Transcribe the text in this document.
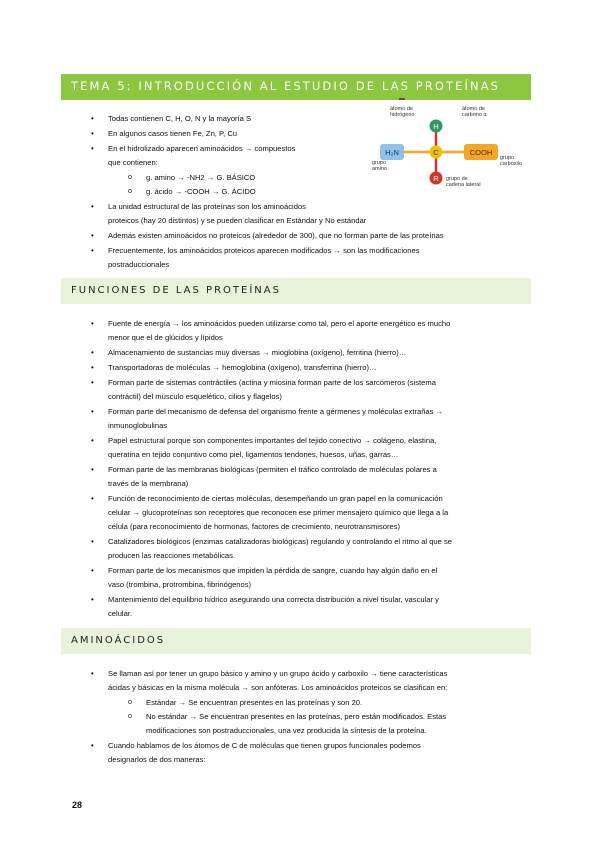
TEMA 5: INTRODUCCIÓN AL ESTUDIO DE LAS PROTEÍNAS
• Todas contienen C, H, O, N y la mayoría S
• En algunos casos tienen Fe, Zn, P, Cu
• En el hidrolizado aparecen aminoácidos → compuestos
que contienen:
o g. amino → -NH2 → G. BÁSICO
o g. ácido → -COOH → G. ÁCIDO
• La unidad estructural de las proteínas son los aminoácidos
proteicos (hay 20 distintos) y se pueden clasificar en Estándar y No estándar
• Además existen aminoácidos no proteicos (alrededor de 300), que no forman parte de las proteínas
• Frecuentemente, los aminoácidos proteicos aparecen modificados → son las modificaciones
postraduccionales
H₂N	COOH
H
C
R
átomo de
hidrógeno
átomo de
carbono α
grupo
amino
grupo
carboxilo
grupo de
cadena lateral
FUNCIONES DE LAS PROTEÍNAS
• Fuente de energía → los aminoácidos pueden utilizarse como tal, pero el aporte energético es mucho
menor que el de glúcidos y lípidos
• Almacenamiento de sustancias muy diversas → mioglobina (oxígeno), ferritina (hierro)…
• Transportadoras de moléculas → hemoglobina (oxígeno), transferrina (hierro)…
• Forman parte de sistemas contráctiles (actina y miosina forman parte de los sarcómeros (sistema
contráctil) del músculo esquelético, cilios y flagelos)
• Forman parte del mecanismo de defensa del organismo frente a gérmenes y moléculas extrañas →
inmunoglobulinas
• Papel estructural porque son componentes importantes del tejido conectivo → colágeno, elastina,
queratina en tejido conjuntivo como piel, ligamentos tendones, huesos, uñas, garras…
• Forman parte de las membranas biológicas (permiten el tráfico controlado de moléculas polares a
través de la membrana)
• Función de reconocimiento de ciertas moléculas, desempeñando un gran papel en la comunicación
celular → glucoproteínas son receptores que reconocen ese primer mensajero químico que llega a la
célula (para reconocimiento de hormonas, factores de crecimiento, neurotransmisores)
• Catalizadores biológicos (enzimas catalizadoras biológicas) regulando y controlando el ritmo al que se
producen las reacciones metabólicas.
• Forman parte de los mecanismos que impiden la pérdida de sangre, cuando hay algún daño en el
vaso (trombina, protrombina, fibrinógenos)
• Mantenimiento del equilibrio hídrico asegurando una correcta distribución a nivel tisular, vascular y
celular.
AMINOÁCIDOS
• Se llaman así por tener un grupo básico y amino y un grupo ácido y carboxilo → tiene características
ácidas y básicas en la misma molécula → son anfóteras. Los aminoácidos proteicos se clasifican en:
o Estándar → Se encuentran presentes en las proteínas y son 20.
o No estándar → Se encuentran presentes en las proteínas, pero están modificados. Estas
modificaciones son postraduccionales, una vez producida la síntesis de la proteína.
• Cuando hablamos de los átomos de C de moléculas que tienen grupos funcionales podemos
designarlos de dos maneras:
28
